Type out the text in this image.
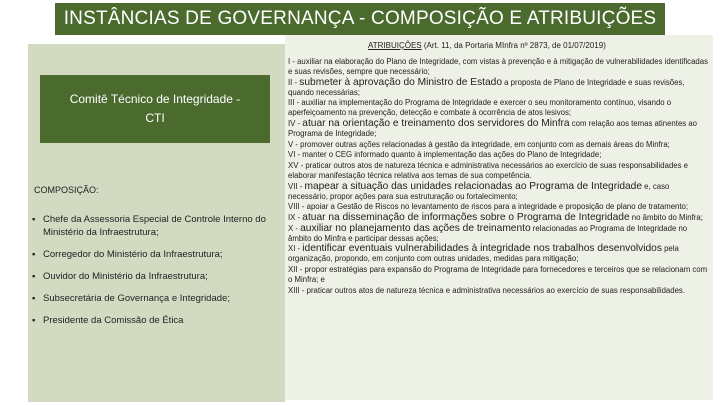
INSTÂNCIAS DE GOVERNANÇA - COMPOSIÇÃO E ATRIBUIÇÕES
Comitê Técnico de Integridade -
CTI
COMPOSIÇÃO:
▪ Chefe da Assessoria Especial de Controle Interno do Ministério da Infraestrutura;
▪ Corregedor do Ministério da Infraestrutura;
▪ Ouvidor do Ministério da Infraestrutura;
▪ Subsecretária de Governança e Integridade;
▪ Presidente da Comissão de Ética
ATRIBUIÇÕES (Art. 11, da Portaria MInfra nº 2873, de 01/07/2019)

I - auxiliar na elaboração do Plano de Integridade, com vistas à prevenção e à mitigação de vulnerabilidades identificadas e suas revisões, sempre que necessário;

II - submeter à aprovação do Ministro de Estado a proposta de Plano de Integridade e suas revisões, quando necessárias;

III - auxiliar na implementação do Programa de Integridade e exercer o seu monitoramento contínuo, visando o aperfeiçoamento na prevenção, detecção e combate à ocorrência de atos lesivos;

IV - atuar na orientação e treinamento dos servidores do Minfra com relação aos temas atinentes ao Programa de Integridade;

V - promover outras ações relacionadas à gestão da integridade, em conjunto com as demais áreas do Minfra;

VI - manter o CEG informado quanto à implementação das ações do Plano de Integridade;

XV - praticar outros atos de natureza técnica e administrativa necessários ao exercício de suas responsabilidades e elaborar manifestação técnica relativa aos temas de sua competência.

VII - mapear a situação das unidades relacionadas ao Programa de Integridade e, caso necessário, propor ações para sua estruturação ou fortalecimento;

VIII - apoiar a Gestão de Riscos no levantamento de riscos para a integridade e proposição de plano de tratamento;

IX - atuar na disseminação de informações sobre o Programa de Integridade no âmbito do Minfra;

X - auxiliar no planejamento das ações de treinamento relacionadas ao Programa de Integridade no âmbito do Minfra e participar dessas ações;

XI - identificar eventuais vulnerabilidades à integridade nos trabalhos desenvolvidos pela organização, propondo, em conjunto com outras unidades, medidas para mitigação;

XII - propor estratégias para expansão do Programa de Integridade para fornecedores e terceiros que se relacionam com o Minfra; e

XIII - praticar outros atos de natureza técnica e administrativa necessários ao exercício de suas responsabilidades.
